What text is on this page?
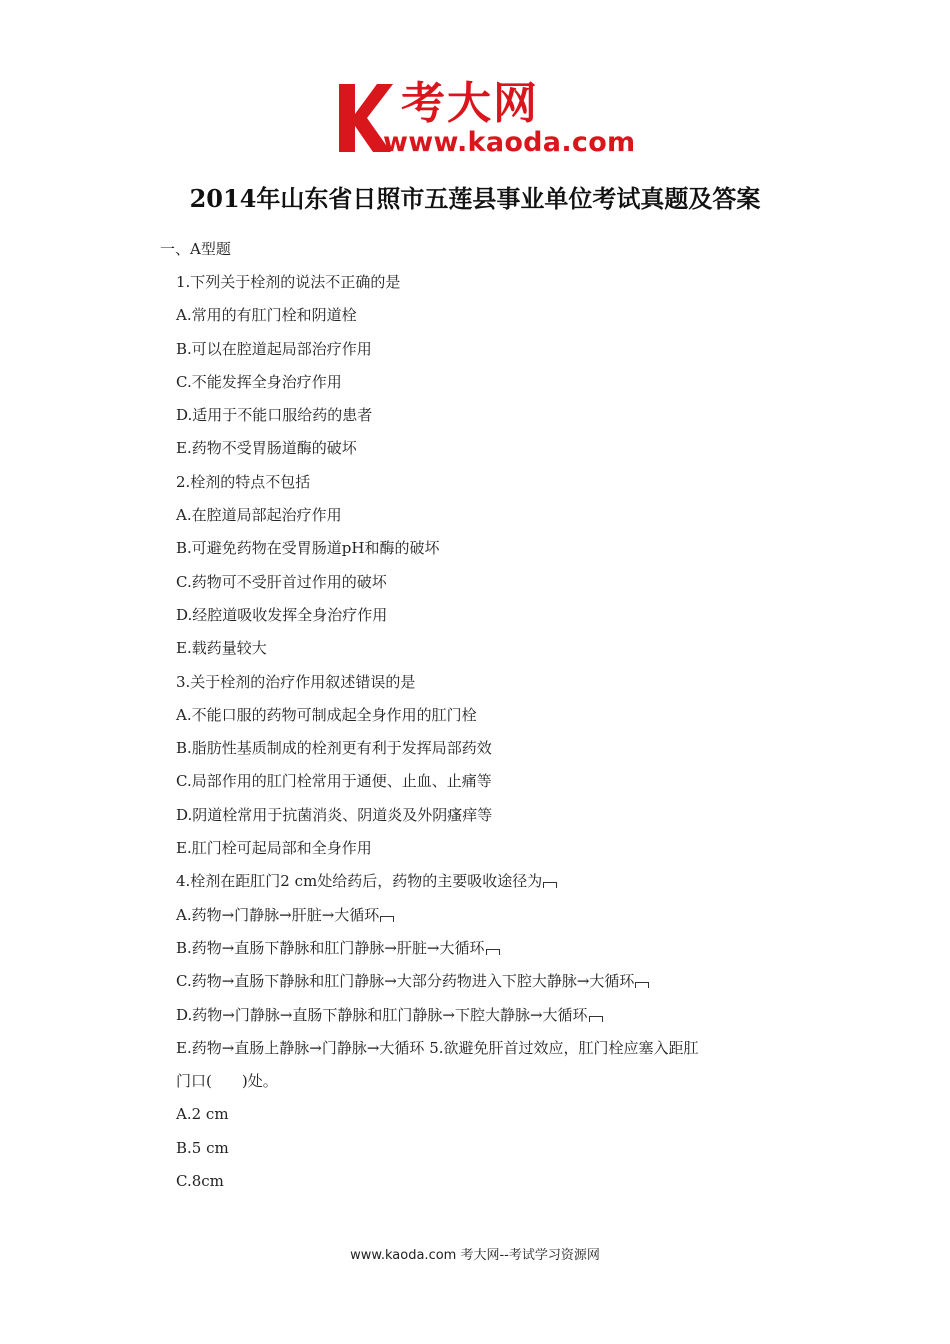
考大网
www.kaoda.com
2014年山东省日照市五莲县事业单位考试真题及答案
一、A型题
1.下列关于栓剂的说法不正确的是
A.常用的有肛门栓和阴道栓
B.可以在腔道起局部治疗作用
C.不能发挥全身治疗作用
D.适用于不能口服给药的患者
E.药物不受胃肠道酶的破坏
2.栓剂的特点不包括
A.在腔道局部起治疗作用
B.可避免药物在受胃肠道pH和酶的破坏
C.药物可不受肝首过作用的破坏
D.经腔道吸收发挥全身治疗作用
E.载药量较大
3.关于栓剂的治疗作用叙述错误的是
A.不能口服的药物可制成起全身作用的肛门栓
B.脂肪性基质制成的栓剂更有利于发挥局部药效
C.局部作用的肛门栓常用于通便、止血、止痛等
D.阴道栓常用于抗菌消炎、阴道炎及外阴瘙痒等
E.肛门栓可起局部和全身作用
4.栓剂在距肛门2 cm处给药后，药物的主要吸收途径为
A.药物→门静脉→肝脏→大循环
B.药物→直肠下静脉和肛门静脉→肝脏→大循环
C.药物→直肠下静脉和肛门静脉→大部分药物进入下腔大静脉→大循环
D.药物→门静脉→直肠下静脉和肛门静脉→下腔大静脉→大循环
E.药物→直肠上静脉→门静脉→大循环 5.欲避免肝首过效应，肛门栓应塞入距肛
门口(　　)处。
A.2 cm
B.5 cm
C.8cm
www.kaoda.com 考大网--考试学习资源网
